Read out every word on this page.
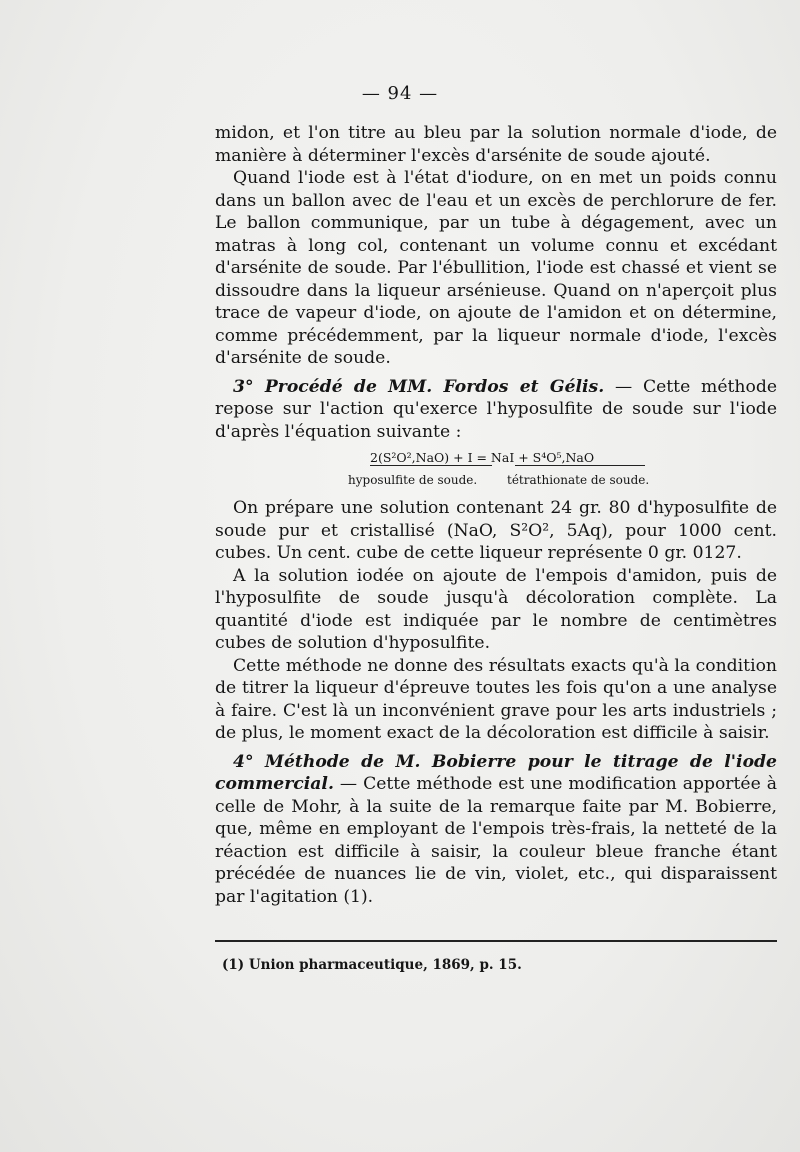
— 94 —

midon, et l'on titre au bleu par la solution normale d'iode, de manière à déterminer l'excès d'arsénite de soude ajouté.

Quand l'iode est à l'état d'iodure, on en met un poids connu dans un ballon avec de l'eau et un excès de perchlorure de fer. Le ballon communique, par un tube à dégagement, avec un matras à long col, contenant un volume connu et excédant d'arsénite de soude. Par l'ébullition, l'iode est chassé et vient se dissoudre dans la liqueur arsénieuse. Quand on n'aperçoit plus trace de vapeur d'iode, on ajoute de l'amidon et on détermine, comme précédemment, par la liqueur normale d'iode, l'excès d'arsénite de soude.

3° Procédé de MM. Fordos et Gélis. — Cette méthode repose sur l'action qu'exerce l'hyposulfite de soude sur l'iode d'après l'équation suivante :

2(S²O²,NaO) + I = NaI + S⁴O⁵,NaO
hyposulfite de soude. tétrathionate de soude.

On prépare une solution contenant 24 gr. 80 d'hyposulfite de soude pur et cristallisé (NaO, S²O², 5Aq), pour 1000 cent. cubes. Un cent. cube de cette liqueur représente 0 gr. 0127.

A la solution iodée on ajoute de l'empois d'amidon, puis de l'hyposulfite de soude jusqu'à décoloration complète. La quantité d'iode est indiquée par le nombre de centimètres cubes de solution d'hyposulfite.

Cette méthode ne donne des résultats exacts qu'à la condition de titrer la liqueur d'épreuve toutes les fois qu'on a une analyse à faire. C'est là un inconvénient grave pour les arts industriels ; de plus, le moment exact de la décoloration est difficile à saisir.

4° Méthode de M. Bobierre pour le titrage de l'iode commercial. — Cette méthode est une modification apportée à celle de Mohr, à la suite de la remarque faite par M. Bobierre, que, même en employant de l'empois très-frais, la netteté de la réaction est difficile à saisir, la couleur bleue franche étant précédée de nuances lie de vin, violet, etc., qui disparaissent par l'agitation (1).

(1) Union pharmaceutique, 1869, p. 15.
